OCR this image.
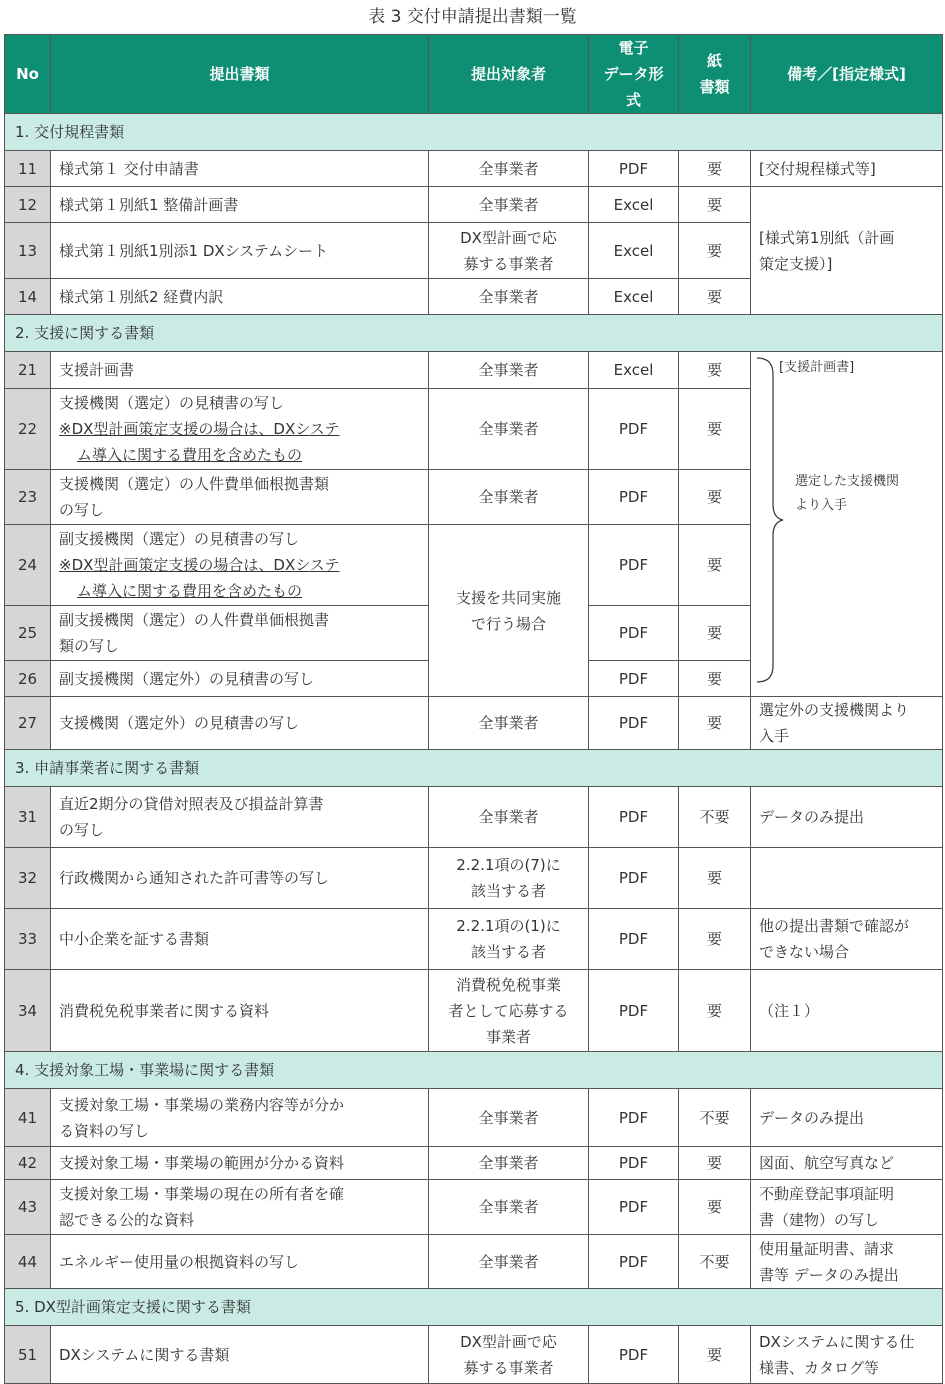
表 3 交付申請提出書類一覧
No	提出書類	提出対象者	電子
データ形式	紙
書類	備考／[指定様式]
1. 交付規程書類					
11	様式第１ 交付申請書	全事業者	PDF	要	[交付規程様式等]
12	様式第１別紙1 整備計画書	全事業者	Excel	要	[様式第1別紙（計画
策定支援）]
13	様式第１別紙1別添1 DXシステムシート	DX型計画で応
募する事業者	Excel	要	
14	様式第１別紙2 経費内訳	全事業者	Excel	要	
2. 支援に関する書類					
21	支援計画書	全事業者	Excel	要	[支援計画書]
選定した支援機関
より入手

22	支援機関（選定）の見積書の写し
※DX型計画策定支援の場合は、DXシステ

ム導入に関する費用を含めたもの	全事業者	PDF	要	
23	支援機関（選定）の人件費単価根拠書類
の写し	全事業者	PDF	要	
24	副支援機関（選定）の見積書の写し
※DX型計画策定支援の場合は、DXシステ

ム導入に関する費用を含めたもの	支援を共同実施
で行う場合	PDF	要	
25	副支援機関（選定）の人件費単価根拠書
類の写し		PDF	要	
26	副支援機関（選定外）の見積書の写し		PDF	要	
27	支援機関（選定外）の見積書の写し	全事業者	PDF	要	選定外の支援機関より
入手
3. 申請事業者に関する書類					
31	直近2期分の貸借対照表及び損益計算書
の写し	全事業者	PDF	不要	データのみ提出
32	行政機関から通知された許可書等の写し	2.2.1項の(7)に
該当する者	PDF	要	
33	中小企業を証する書類	2.2.1項の(1)に
該当する者	PDF	要	他の提出書類で確認が
できない場合
34	消費税免税事業者に関する資料	消費税免税事業
者として応募する
事業者	PDF	要	（注１）
4. 支援対象工場・事業場に関する書類					
41	支援対象工場・事業場の業務内容等が分か
る資料の写し	全事業者	PDF	不要	データのみ提出
42	支援対象工場・事業場の範囲が分かる資料	全事業者	PDF	要	図面、航空写真など
43	支援対象工場・事業場の現在の所有者を確
認できる公的な資料	全事業者	PDF	要	不動産登記事項証明
書（建物）の写し
44	エネルギー使用量の根拠資料の写し	全事業者	PDF	不要	使用量証明書、請求
書等 データのみ提出
5. DX型計画策定支援に関する書類					
51	DXシステムに関する書類	DX型計画で応
募する事業者	PDF	要	DXシステムに関する仕
様書、カタログ等
